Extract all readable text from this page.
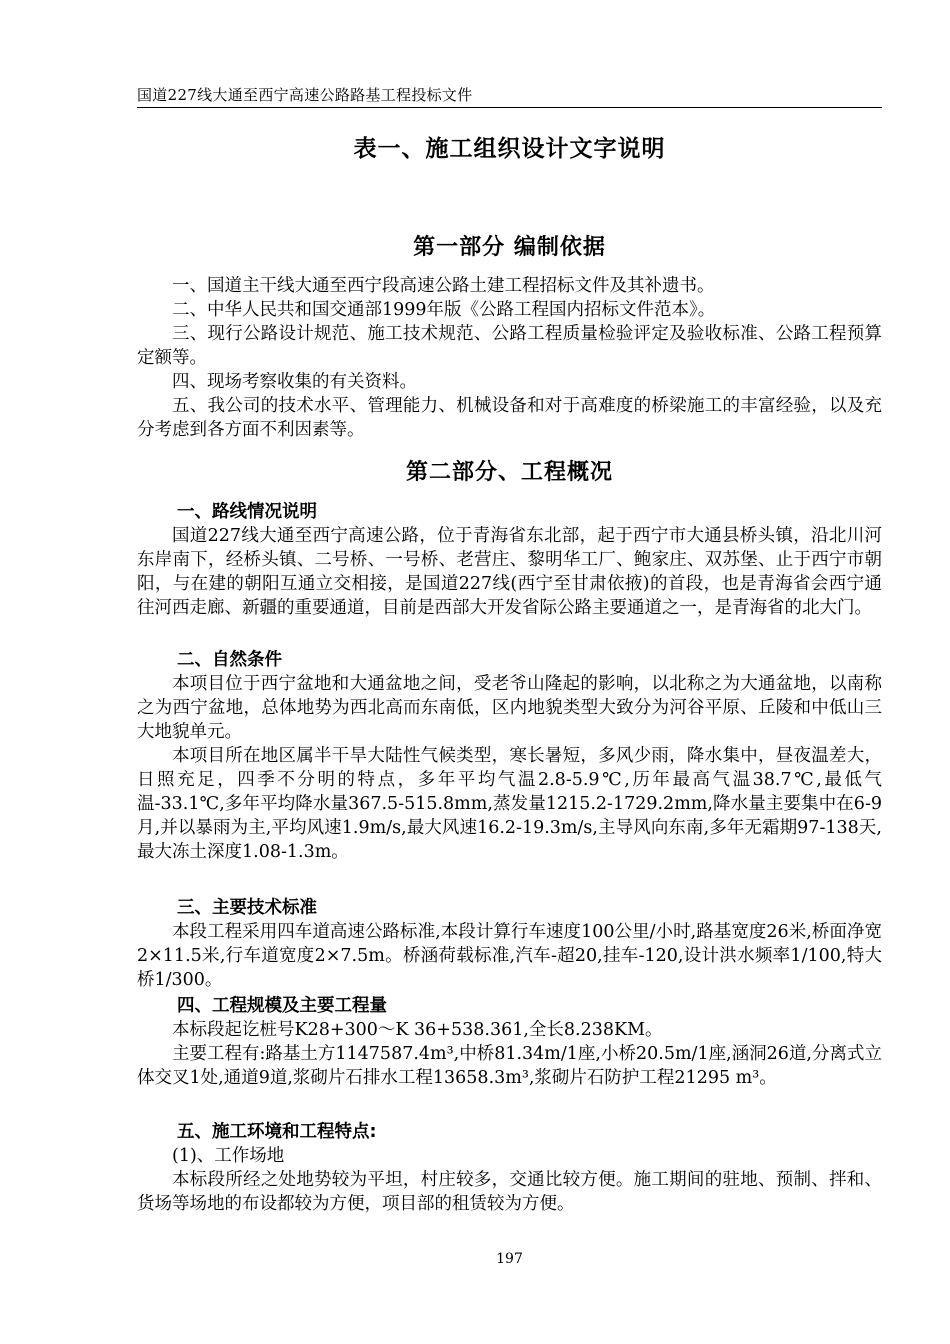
国道227线大通至西宁高速公路路基工程投标文件
表一、施工组织设计文字说明
第一部分 编制依据

一、国道主干线大通至西宁段高速公路土建工程招标文件及其补遗书。

二、中华人民共和国交通部1999年版《公路工程国内招标文件范本》。

三、现行公路设计规范、施工技术规范、公路工程质量检验评定及验收标准、公路工程预算定额等。

四、现场考察收集的有关资料。

五、我公司的技术水平、管理能力、机械设备和对于高难度的桥梁施工的丰富经验，以及充分考虑到各方面不利因素等。

第二部分、工程概况
一、路线情况说明

国道227线大通至西宁高速公路，位于青海省东北部，起于西宁市大通县桥头镇，沿北川河东岸南下，经桥头镇、二号桥、一号桥、老营庄、黎明华工厂、鲍家庄、双苏堡、止于西宁市朝阳，与在建的朝阳互通立交相接，是国道227线(西宁至甘肃依掖)的首段，也是青海省会西宁通往河西走廊、新疆的重要通道，目前是西部大开发省际公路主要通道之一，是青海省的北大门。

二、自然条件

本项目位于西宁盆地和大通盆地之间，受老爷山隆起的影响，以北称之为大通盆地，以南称之为西宁盆地，总体地势为西北高而东南低，区内地貌类型大致分为河谷平原、丘陵和中低山三大地貌单元。

本项目所在地区属半干旱大陆性气候类型，寒长暑短，多风少雨，降水集中，昼夜温差大，日照充足，四季不分明的特点，多年平均气温2.8-5.9℃,历年最高气温38.7℃,最低气温-33.1℃,多年平均降水量367.5-515.8mm,蒸发量1215.2-1729.2mm,降水量主要集中在6-9月,并以暴雨为主,平均风速1.9m/s,最大风速16.2-19.3m/s,主导风向东南,多年无霜期97-138天,最大冻土深度1.08-1.3m。

三、主要技术标准

本段工程采用四车道高速公路标准,本段计算行车速度100公里/小时,路基宽度26米,桥面净宽2×11.5米,行车道宽度2×7.5m。桥涵荷载标准,汽车-超20,挂车-120,设计洪水频率1/100,特大桥1/300。

四、工程规模及主要工程量

本标段起讫桩号K28+300～K 36+538.361,全长8.238KM。

主要工程有:路基土方1147587.4m³,中桥81.34m/1座,小桥20.5m/1座,涵洞26道,分离式立体交叉1处,通道9道,浆砌片石排水工程13658.3m³,浆砌片石防护工程21295 m³。

五、施工环境和工程特点:

(1)、工作场地

本标段所经之处地势较为平坦，村庄较多，交通比较方便。施工期间的驻地、预制、拌和、货场等场地的布设都较为方便，项目部的租赁较为方便。

197
